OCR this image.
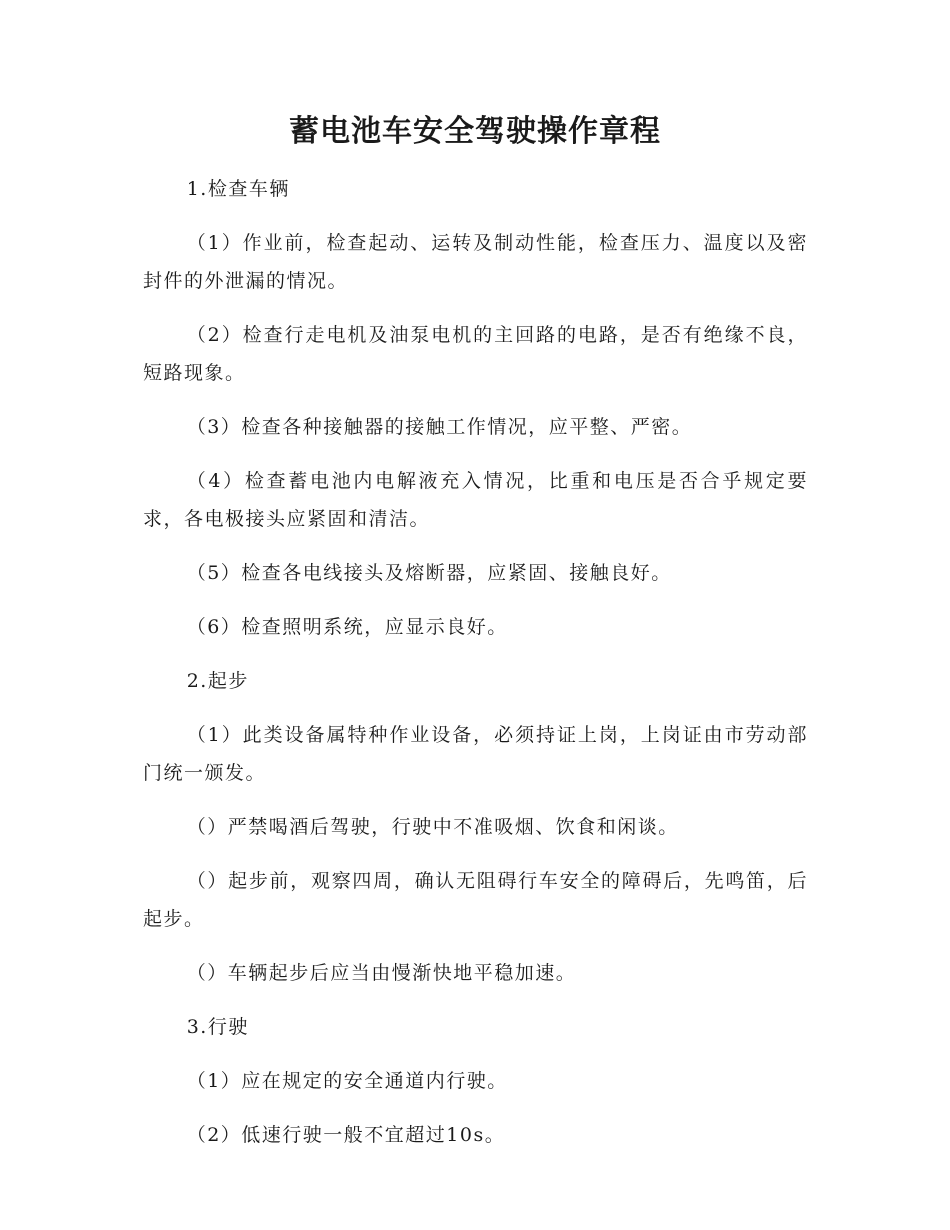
蓄电池车安全驾驶操作章程
1.检查车辆
（1）作业前，检查起动、运转及制动性能，检查压力、温度以及密封件的外泄漏的情况。
（2）检查行走电机及油泵电机的主回路的电路，是否有绝缘不良，短路现象。
（3）检查各种接触器的接触工作情况，应平整、严密。
（4）检查蓄电池内电解液充入情况，比重和电压是否合乎规定要求，各电极接头应紧固和清洁。
（5）检查各电线接头及熔断器，应紧固、接触良好。
（6）检查照明系统，应显示良好。
2.起步
（1）此类设备属特种作业设备，必须持证上岗，上岗证由市劳动部门统一颁发。
（）严禁喝酒后驾驶，行驶中不准吸烟、饮食和闲谈。
（）起步前，观察四周，确认无阻碍行车安全的障碍后，先鸣笛，后起步。
（）车辆起步后应当由慢渐快地平稳加速。
3.行驶
（1）应在规定的安全通道内行驶。
（2）低速行驶一般不宜超过10s。
